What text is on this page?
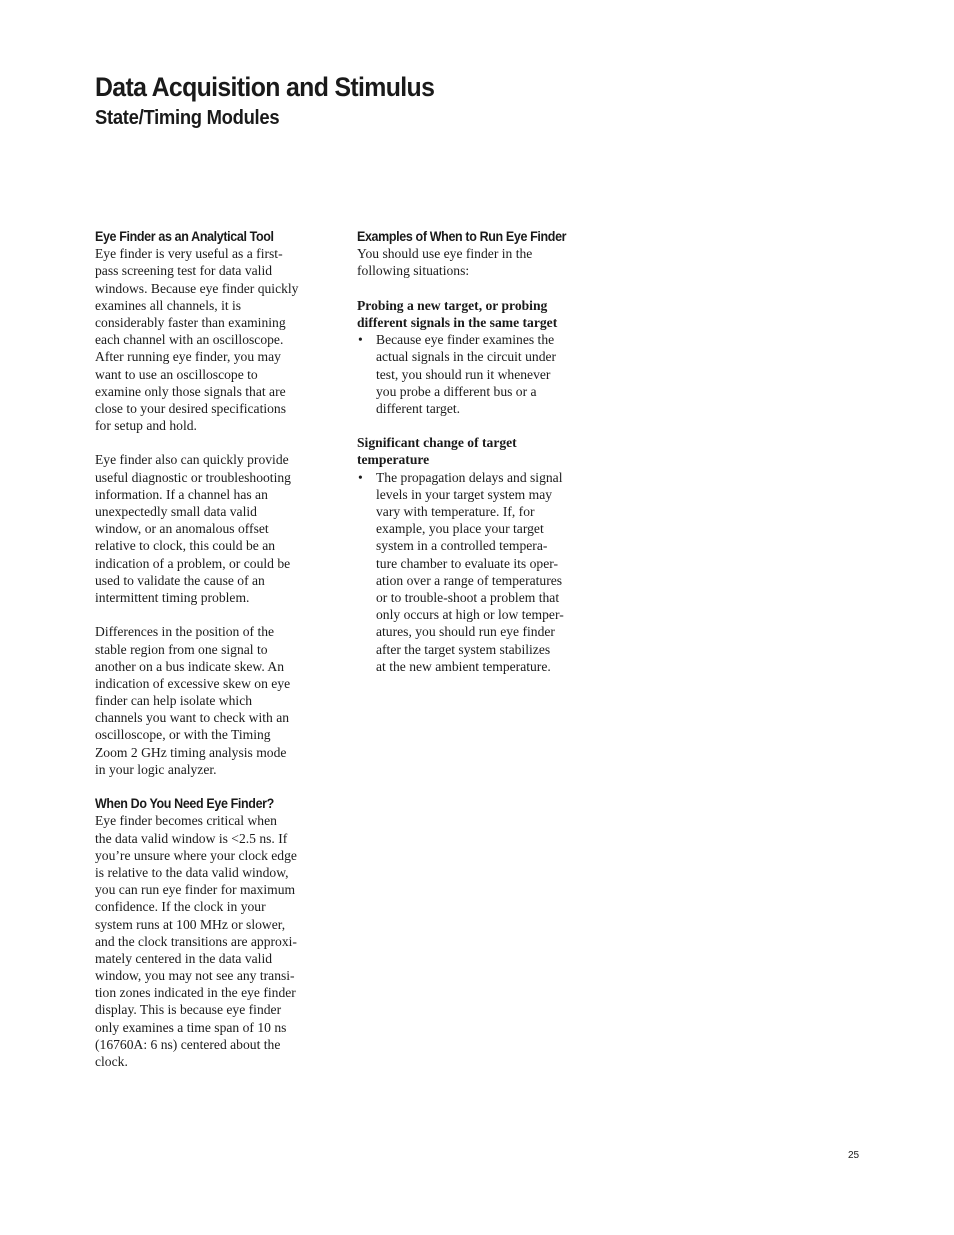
Data Acquisition and Stimulus
State/Timing Modules
Eye Finder as an Analytical Tool
Eye finder is very useful as a first-
pass screening test for data valid
windows. Because eye finder quickly
examines all channels, it is
considerably faster than examining
each channel with an oscilloscope.
After running eye finder, you may
want to use an oscilloscope to
examine only those signals that are
close to your desired specifications
for setup and hold.
Eye finder also can quickly provide
useful diagnostic or troubleshooting
information. If a channel has an
unexpectedly small data valid
window, or an anomalous offset
relative to clock, this could be an
indication of a problem, or could be
used to validate the cause of an
intermittent timing problem.
Differences in the position of the
stable region from one signal to
another on a bus indicate skew. An
indication of excessive skew on eye
finder can help isolate which
channels you want to check with an
oscilloscope, or with the Timing
Zoom 2 GHz timing analysis mode
in your logic analyzer.
When Do You Need Eye Finder?
Eye finder becomes critical when
the data valid window is <2.5 ns. If
you’re unsure where your clock edge
is relative to the data valid window,
you can run eye finder for maximum
confidence. If the clock in your
system runs at 100 MHz or slower,
and the clock transitions are approxi-
mately centered in the data valid
window, you may not see any transi-
tion zones indicated in the eye finder
display. This is because eye finder
only examines a time span of 10 ns
(16760A: 6 ns) centered about the
clock.
Examples of When to Run Eye Finder
You should use eye finder in the
following situations:
Probing a new target, or probing
different signals in the same target
• Because eye finder examines the
actual signals in the circuit under
test, you should run it whenever
you probe a different bus or a
different target.
Significant change of target
temperature
• The propagation delays and signal
levels in your target system may
vary with temperature. If, for
example, you place your target
system in a controlled tempera-
ture chamber to evaluate its oper-
ation over a range of temperatures
or to trouble-shoot a problem that
only occurs at high or low temper-
atures, you should run eye finder
after the target system stabilizes
at the new ambient temperature.
25
